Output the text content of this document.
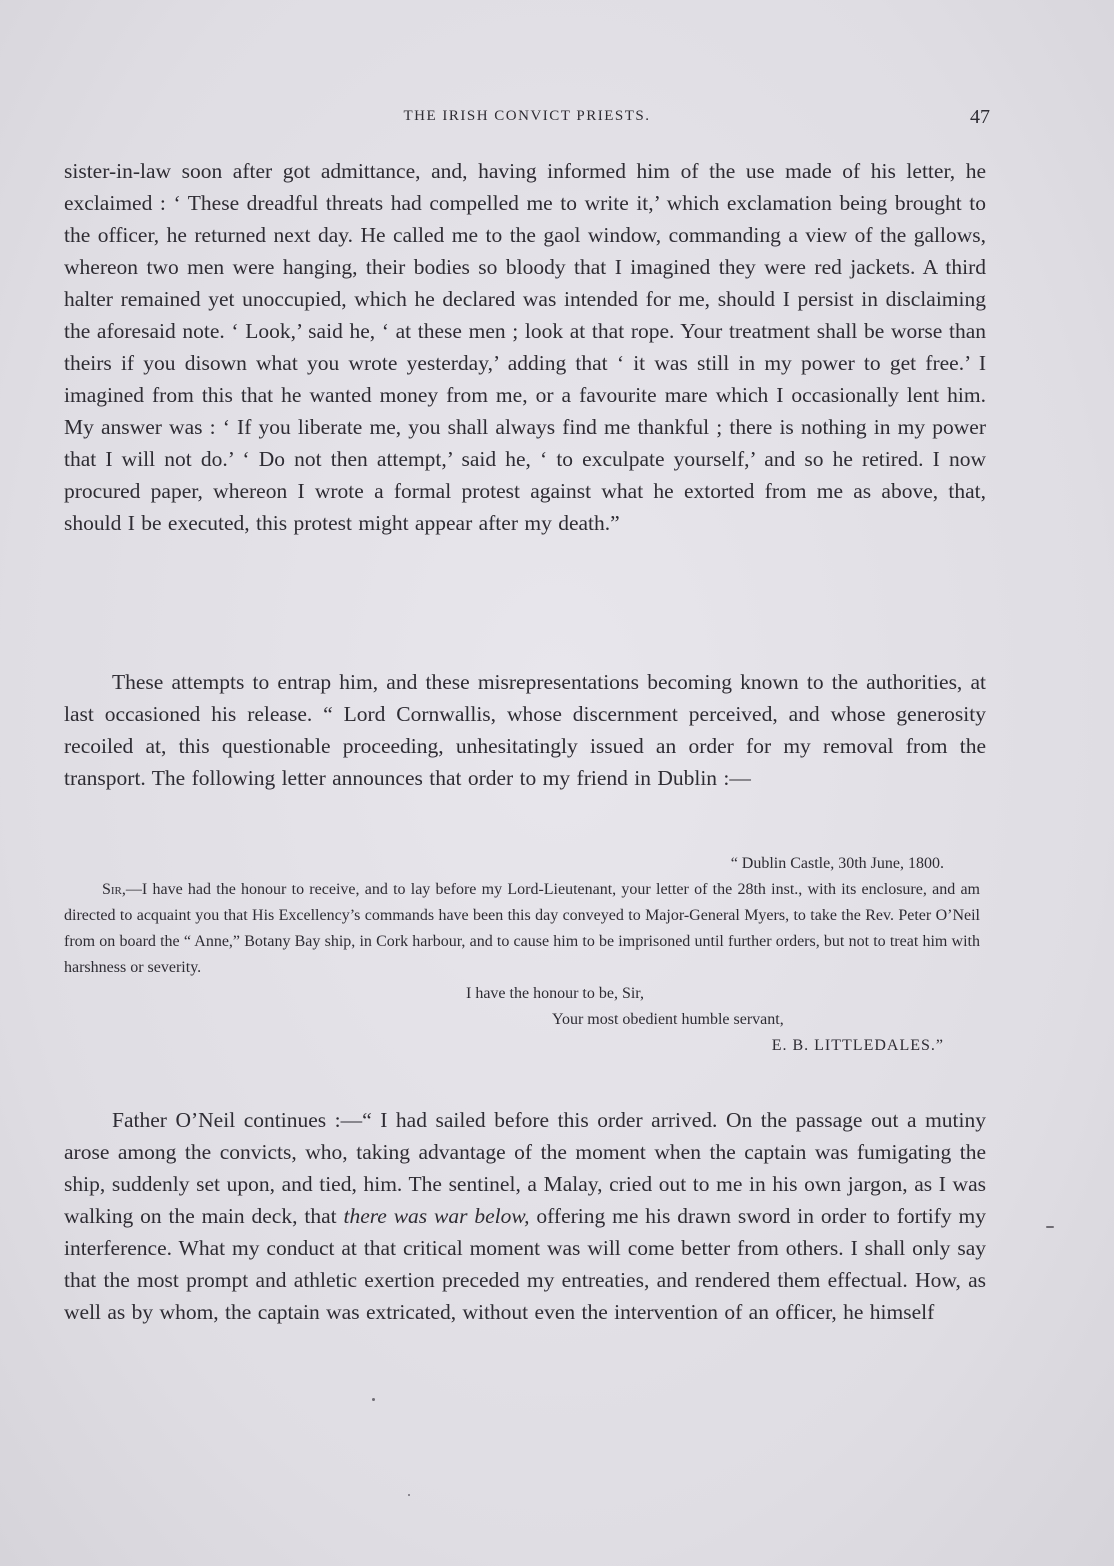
THE IRISH CONVICT PRIESTS.	47

sister-in-law soon after got admittance, and, having informed him of the use made of his letter, he exclaimed : ‘ These dreadful threats had compelled me to write it,’ which exclamation being brought to the officer, he returned next day. He called me to the gaol window, commanding a view of the gallows, whereon two men were hanging, their bodies so bloody that I imagined they were red jackets. A third halter remained yet unoccupied, which he declared was intended for me, should I persist in disclaiming the aforesaid note. ‘ Look,’ said he, ‘ at these men ; look at that rope. Your treatment shall be worse than theirs if you disown what you wrote yesterday,’ adding that ‘ it was still in my power to get free.’ I imagined from this that he wanted money from me, or a favourite mare which I occasionally lent him. My answer was : ‘ If you liberate me, you shall always find me thankful ; there is nothing in my power that I will not do.’ ‘ Do not then attempt,’ said he, ‘ to exculpate yourself,’ and so he retired. I now procured paper, whereon I wrote a formal protest against what he extorted from me as above, that, should I be executed, this protest might appear after my death.”

These attempts to entrap him, and these misrepresentations becoming known to the authorities, at last occasioned his release. “ Lord Cornwallis, whose discernment perceived, and whose generosity recoiled at, this questionable proceeding, unhesitatingly issued an order for my removal from the transport. The following letter announces that order to my friend in Dublin :—

“ Dublin Castle, 30th June, 1800.

Sir,—I have had the honour to receive, and to lay before my Lord-Lieutenant, your letter of the 28th inst., with its enclosure, and am directed to acquaint you that His Excellency’s commands have been this day conveyed to Major-General Myers, to take the Rev. Peter O’Neil from on board the “ Anne,” Botany Bay ship, in Cork harbour, and to cause him to be imprisoned until further orders, but not to treat him with harshness or severity.

I have the honour to be, Sir,
Your most obedient humble servant,
E. B. LITTLEDALES.”

Father O’Neil continues :—“ I had sailed before this order arrived. On the passage out a mutiny arose among the convicts, who, taking advantage of the moment when the captain was fumigating the ship, suddenly set upon, and tied, him. The sentinel, a Malay, cried out to me in his own jargon, as I was walking on the main deck, that there was war below, offering me his drawn sword in order to fortify my interference. What my conduct at that critical moment was will come better from others. I shall only say that the most prompt and athletic exertion preceded my entreaties, and rendered them effectual. How, as well as by whom, the captain was extricated, without even the intervention of an officer, he himself
